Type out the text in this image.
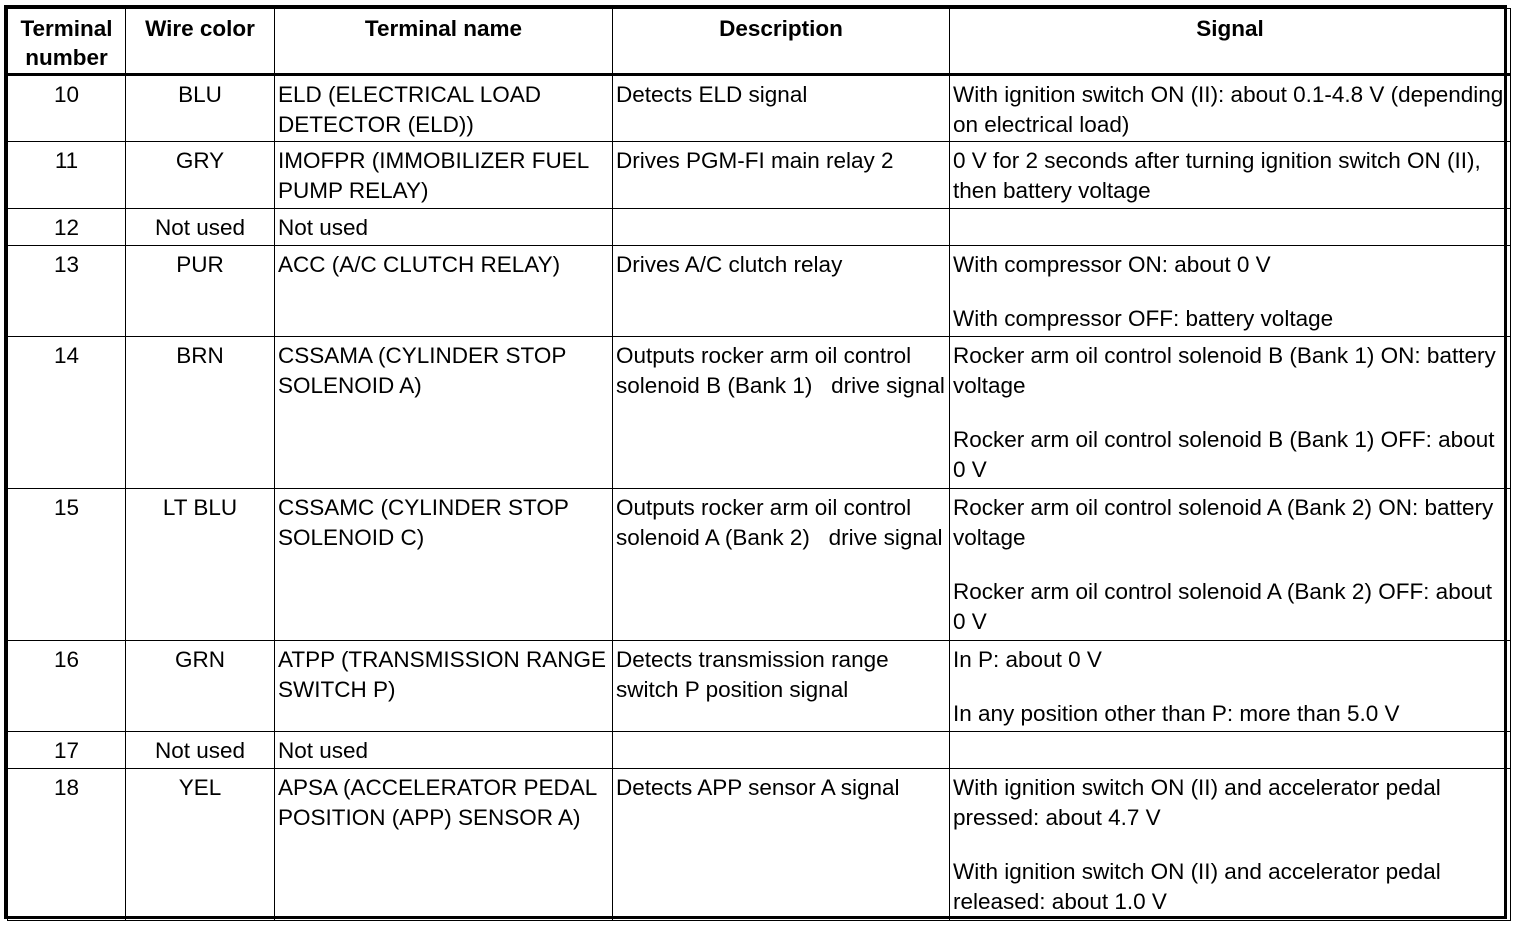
Terminal
number	Wire color	Terminal name	Description	Signal
10	BLU	ELD (ELECTRICAL LOAD DETECTOR (ELD))	Detects ELD signal	With ignition switch ON (II): about 0.1-4.8 V (depending on electrical load)

11	GRY	IMOFPR (IMMOBILIZER FUEL PUMP RELAY)	Drives PGM-FI main relay 2	0 V for 2 seconds after turning ignition switch ON (II), then battery voltage

12	Not used	Not used		
13	PUR	ACC (A/C CLUTCH RELAY)	Drives A/C clutch relay	With compressor ON: about 0 V
With compressor OFF: battery voltage

14	BRN	CSSAMA (CYLINDER STOP SOLENOID A)	Outputs rocker arm oil control solenoid B (Bank 1)   drive signal	Rocker arm oil control solenoid B (Bank 1) ON: battery voltage
Rocker arm oil control solenoid B (Bank 1) OFF: about 0 V

15	LT BLU	CSSAMC (CYLINDER STOP SOLENOID C)	Outputs rocker arm oil control solenoid A (Bank 2)   drive signal	Rocker arm oil control solenoid A (Bank 2) ON: battery voltage
Rocker arm oil control solenoid A (Bank 2) OFF: about 0 V

16	GRN	ATPP (TRANSMISSION RANGE SWITCH P)	Detects transmission range switch P position signal	In P: about 0 V
In any position other than P: more than 5.0 V

17	Not used	Not used		
18	YEL	APSA (ACCELERATOR PEDAL POSITION (APP) SENSOR A)	Detects APP sensor A signal	With ignition switch ON (II) and accelerator pedal pressed: about 4.7 V
With ignition switch ON (II) and accelerator pedal released: about 1.0 V
